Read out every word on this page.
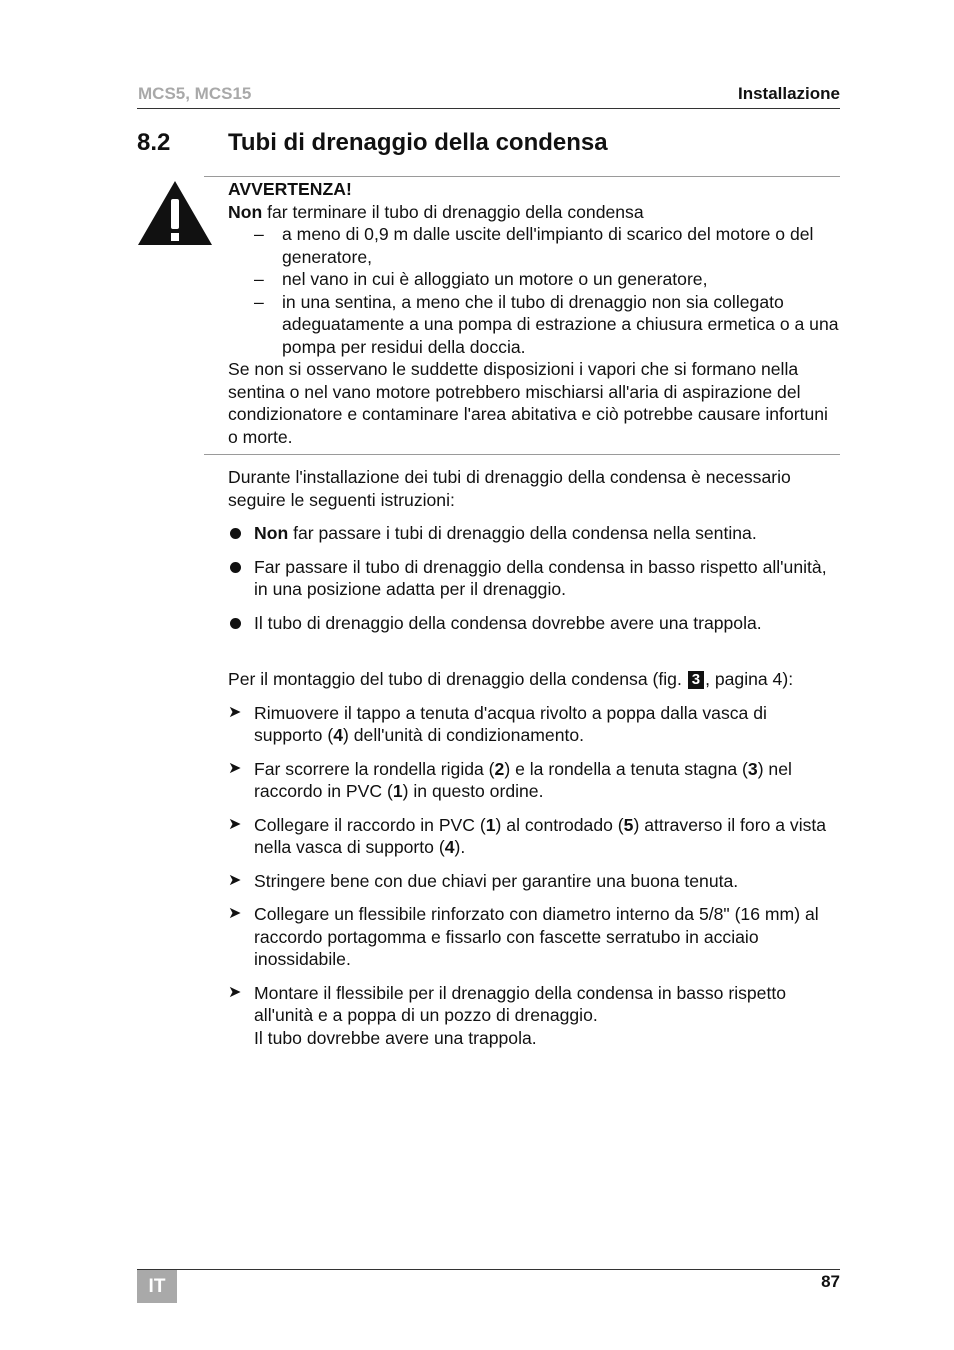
MCS5, MCS15	Installazione
8.2 Tubi di drenaggio della condensa
AVVERTENZA!
Non far terminare il tubo di drenaggio della condensa
– a meno di 0,9 m dalle uscite dell'impianto di scarico del motore o del generatore,
– nel vano in cui è alloggiato un motore o un generatore,
– in una sentina, a meno che il tubo di drenaggio non sia collegato adeguatamente a una pompa di estrazione a chiusura ermetica o a una pompa per residui della doccia.
Se non si osservano le suddette disposizioni i vapori che si formano nella sentina o nel vano motore potrebbero mischiarsi all'aria di aspirazione del condizionatore e contaminare l'area abitativa e ciò potrebbe causare infortuni o morte.
Durante l'installazione dei tubi di drenaggio della condensa è necessario seguire le seguenti istruzioni:
Non far passare i tubi di drenaggio della condensa nella sentina.
Far passare il tubo di drenaggio della condensa in basso rispetto all'unità, in una posizione adatta per il drenaggio.
Il tubo di drenaggio della condensa dovrebbe avere una trappola.
Per il montaggio del tubo di drenaggio della condensa (fig. 3 , pagina 4):
➤ Rimuovere il tappo a tenuta d'acqua rivolto a poppa dalla vasca di supporto (4) dell'unità di condizionamento.
➤ Far scorrere la rondella rigida (2) e la rondella a tenuta stagna (3) nel raccordo in PVC (1) in questo ordine.
➤ Collegare il raccordo in PVC (1) al controdado (5) attraverso il foro a vista nella vasca di supporto (4).
➤ Stringere bene con due chiavi per garantire una buona tenuta.
➤ Collegare un flessibile rinforzato con diametro interno da 5/8" (16 mm) al raccordo portagomma e fissarlo con fascette serratubo in acciaio inossidabile.
➤ Montare il flessibile per il drenaggio della condensa in basso rispetto all'unità e a poppa di un pozzo di drenaggio.
Il tubo dovrebbe avere una trappola.
IT	87
